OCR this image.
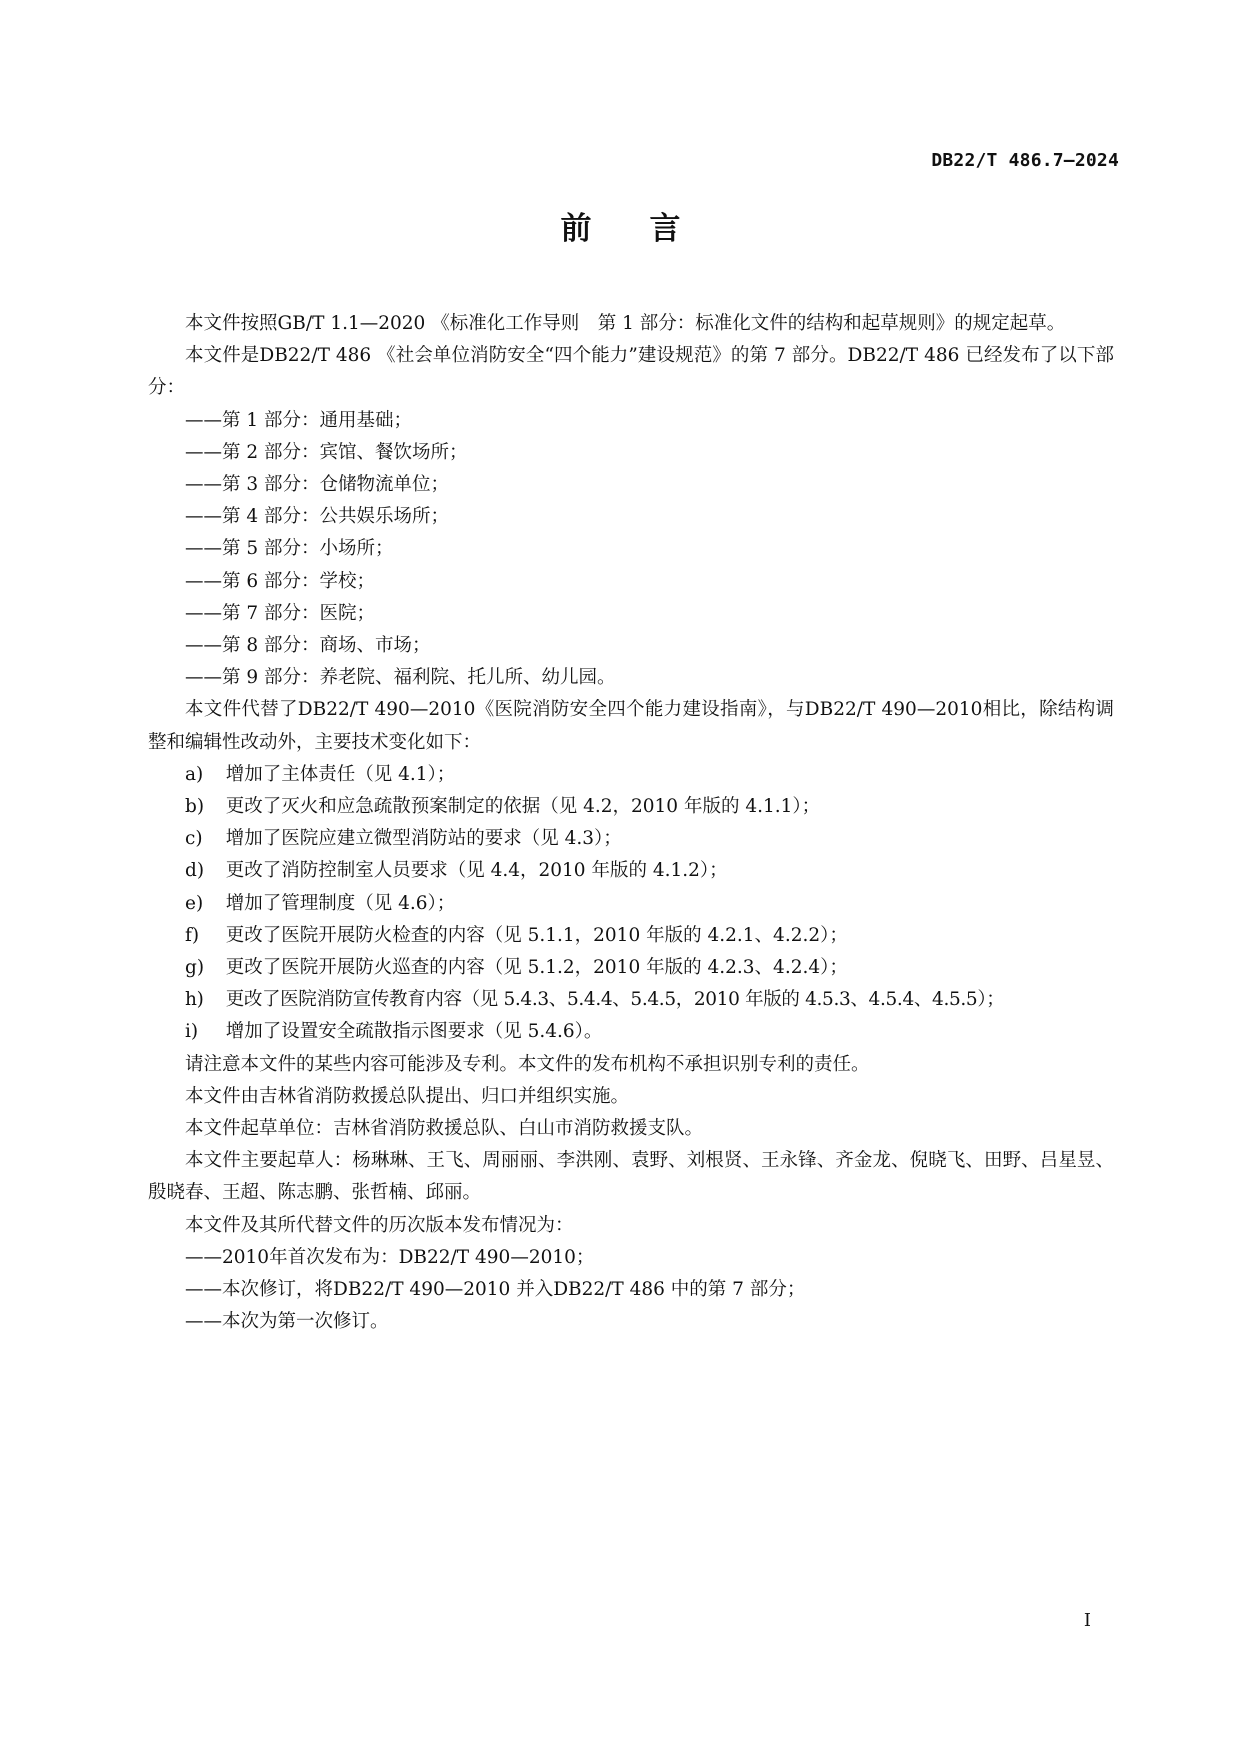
DB22/T 486.7—2024
前言

本文件按照GB/T 1.1—2020 《标准化工作导则　第 1 部分：标准化文件的结构和起草规则》的规定起草。

本文件是DB22/T 486 《社会单位消防安全“四个能力”建设规范》的第 7 部分。DB22/T 486 已经发布了以下部分：

——第 1 部分：通用基础；

——第 2 部分：宾馆、餐饮场所；

——第 3 部分：仓储物流单位；

——第 4 部分：公共娱乐场所；

——第 5 部分：小场所；

——第 6 部分：学校；

——第 7 部分：医院；

——第 8 部分：商场、市场；

——第 9 部分：养老院、福利院、托儿所、幼儿园。

本文件代替了DB22/T 490—2010《医院消防安全四个能力建设指南》，与DB22/T 490—2010相比，除结构调整和编辑性改动外，主要技术变化如下：

a) 增加了主体责任（见 4.1）；

b) 更改了灭火和应急疏散预案制定的依据（见 4.2，2010 年版的 4.1.1）；

c) 增加了医院应建立微型消防站的要求（见 4.3）；

d) 更改了消防控制室人员要求（见 4.4，2010 年版的 4.1.2）；

e) 增加了管理制度（见 4.6）；

f) 更改了医院开展防火检查的内容（见 5.1.1，2010 年版的 4.2.1、4.2.2）；

g) 更改了医院开展防火巡查的内容（见 5.1.2，2010 年版的 4.2.3、4.2.4）；

h) 更改了医院消防宣传教育内容（见 5.4.3、5.4.4、5.4.5，2010 年版的 4.5.3、4.5.4、4.5.5）；

i) 增加了设置安全疏散指示图要求（见 5.4.6）。

请注意本文件的某些内容可能涉及专利。本文件的发布机构不承担识别专利的责任。

本文件由吉林省消防救援总队提出、归口并组织实施。

本文件起草单位：吉林省消防救援总队、白山市消防救援支队。

本文件主要起草人：杨琳琳、王飞、周丽丽、李洪刚、袁野、刘根贤、王永锋、齐金龙、倪晓飞、田野、吕星昱、殷晓春、王超、陈志鹏、张哲楠、邱丽。

本文件及其所代替文件的历次版本发布情况为：

——2010年首次发布为：DB22/T 490—2010；

——本次修订，将DB22/T 490—2010 并入DB22/T 486 中的第 7 部分；

——本次为第一次修订。

I
